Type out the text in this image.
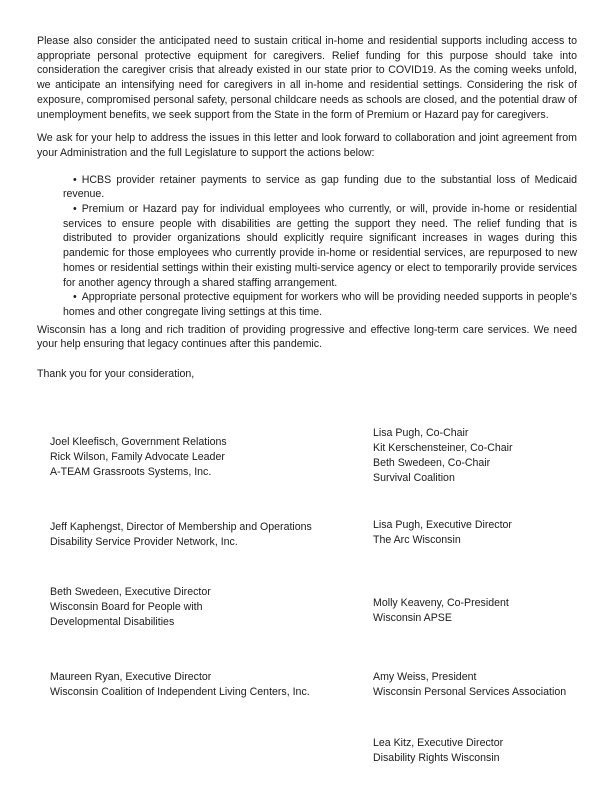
Please also consider the anticipated need to sustain critical in-home and residential supports including access to appropriate personal protective equipment for caregivers. Relief funding for this purpose should take into consideration the caregiver crisis that already existed in our state prior to COVID19. As the coming weeks unfold, we anticipate an intensifying need for caregivers in all in-home and residential settings. Considering the risk of exposure, compromised personal safety, personal childcare needs as schools are closed, and the potential draw of unemployment benefits, we seek support from the State in the form of Premium or Hazard pay for caregivers.

We ask for your help to address the issues in this letter and look forward to collaboration and joint agreement from your Administration and the full Legislature to support the actions below:

• HCBS provider retainer payments to service as gap funding due to the substantial loss of Medicaid revenue.
• Premium or Hazard pay for individual employees who currently, or will, provide in-home or residential services to ensure people with disabilities are getting the support they need. The relief funding that is distributed to provider organizations should explicitly require significant increases in wages during this pandemic for those employees who currently provide in-home or residential services, are repurposed to new homes or residential settings within their existing multi-service agency or elect to temporarily provide services for another agency through a shared staffing arrangement.
• Appropriate personal protective equipment for workers who will be providing needed supports in people’s homes and other congregate living settings at this time.

Wisconsin has a long and rich tradition of providing progressive and effective long-term care services. We need your help ensuring that legacy continues after this pandemic.

Thank you for your consideration,

Joel Kleefisch, Government Relations
Rick Wilson, Family Advocate Leader
A-TEAM Grassroots Systems, Inc.
Jeff Kaphengst, Director of Membership and Operations
Disability Service Provider Network, Inc.
Beth Swedeen, Executive Director
Wisconsin Board for People with
Developmental Disabilities
Maureen Ryan, Executive Director
Wisconsin Coalition of Independent Living Centers, Inc.
Lisa Pugh, Co-Chair
Kit Kerschensteiner, Co-Chair
Beth Swedeen, Co-Chair
Survival Coalition
Lisa Pugh, Executive Director
The Arc Wisconsin
Molly Keaveny, Co-President
Wisconsin APSE
Amy Weiss, President
Wisconsin Personal Services Association
Lea Kitz, Executive Director
Disability Rights Wisconsin
